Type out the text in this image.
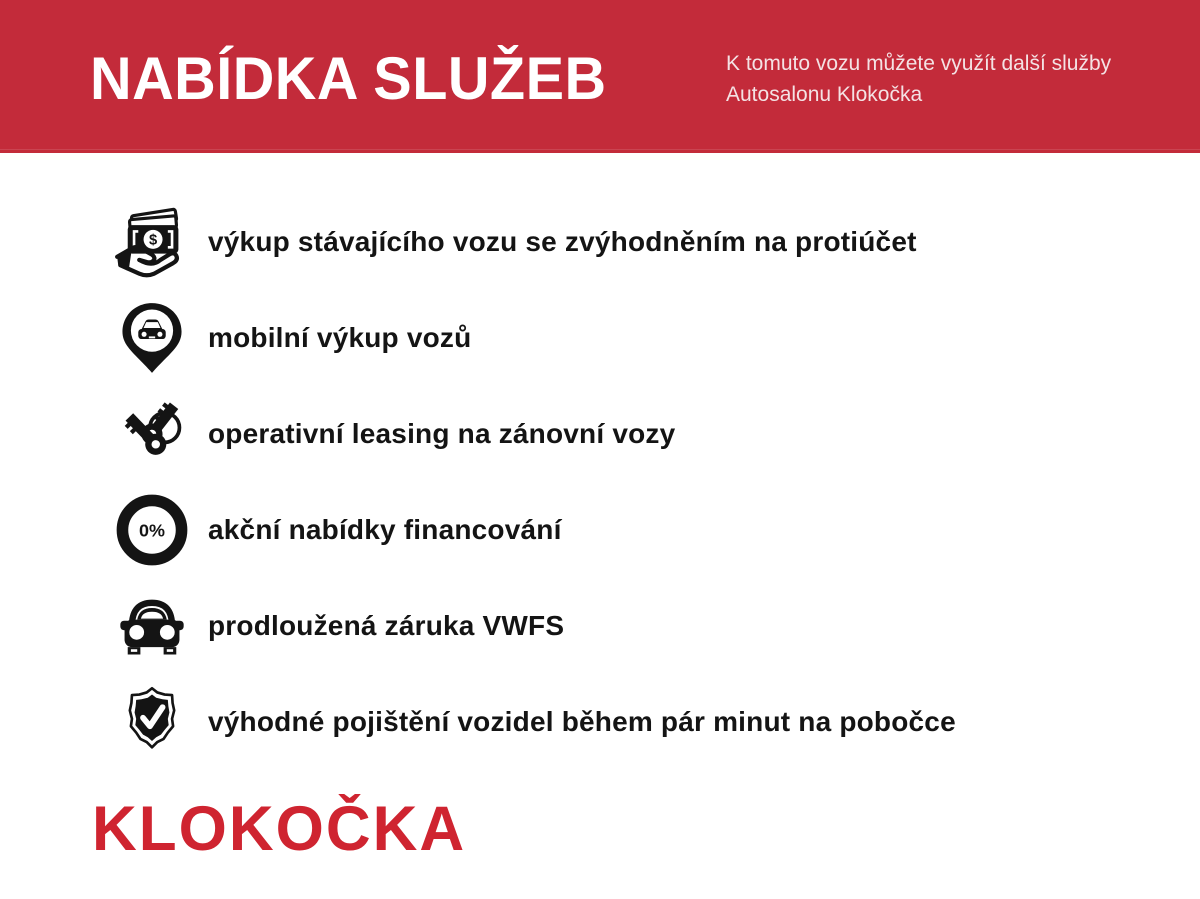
NABÍDKA SLUŽEB	K tomuto vozu můžete využít další služby
Autosalonu Klokočka
$ výkup stávajícího vozu se zvýhodněním na protiúčet
mobilní výkup vozů
operativní leasing na zánovní vozy
0% akční nabídky financování
prodloužená záruka VWFS
výhodné pojištění vozidel během pár minut na pobočce
KLOKOČKA
